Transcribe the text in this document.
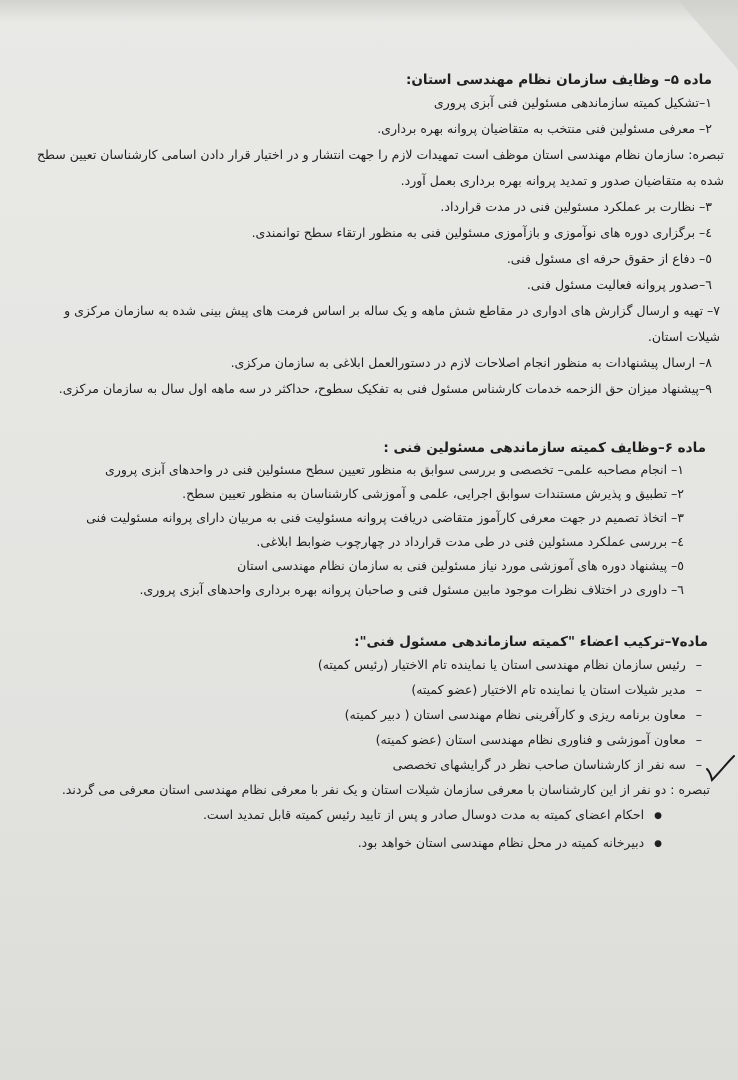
ماده ۵– وظایف سازمان نظام مهندسی استان:
۱–تشکیل کمیته سازماندهی مسئولین فنی آبزی پروری
۲– معرفی مسئولین فنی منتخب به متقاضیان پروانه بهره برداری.
تبصره: سازمان نظام مهندسی استان موظف است تمهیدات لازم را جهت انتشار و در اختیار قرار دادن اسامی کارشناسان تعیین سطح
شده به متقاضیان صدور و تمدید پروانه بهره برداری بعمل آورد.
۳– نظارت بر عملکرد مسئولین فنی در مدت قرارداد.
٤– برگزاری دوره های نوآموزی و بازآموزی مسئولین فنی به منظور ارتقاء سطح توانمندی.
٥– دفاع از حقوق حرفه ای مسئول فنی.
٦–صدور پروانه فعالیت مسئول فنی.
۷– تهیه و ارسال گزارش های ادواری در مقاطع شش ماهه و یک ساله بر اساس فرمت های پیش بینی شده به سازمان مرکزی و
شیلات استان.
۸– ارسال پیشنهادات به منظور انجام اصلاحات لازم در دستورالعمل ابلاغی به سازمان مرکزی.
۹–پیشنهاد میزان حق الزحمه خدمات کارشناس مسئول فنی به تفکیک سطوح، حداکثر در سه ماهه اول سال به سازمان مرکزی.
ماده ۶–وظایف کمیته سازماندهی مسئولین فنی :
۱– انجام مصاحبه علمی– تخصصی و بررسی سوابق به منظور تعیین سطح مسئولین فنی در واحدهای آبزی پروری
۲– تطبیق و پذیرش مستندات سوابق اجرایی، علمی و آموزشی کارشناسان به منظور تعیین سطح.
۳– اتخاذ تصمیم در جهت معرفی کارآموز متقاضی دریافت پروانه مسئولیت فنی به مربیان دارای پروانه مسئولیت فنی
٤– بررسی عملکرد مسئولین فنی در طی مدت قرارداد در چهارچوب ضوابط ابلاغی.
٥– پیشنهاد دوره های آموزشی مورد نیاز مسئولین فنی به سازمان نظام مهندسی استان
٦– داوری در اختلاف نظرات موجود مابین مسئول فنی و صاحبان پروانه بهره برداری واحدهای آبزی پروری.
ماده۷–ترکیب اعضاء "کمیته سازماندهی مسئول فنی":
– رئیس سازمان نظام مهندسی استان یا نماینده تام الاختیار (رئیس کمیته)
– مدیر شیلات استان یا نماینده تام الاختیار (عضو کمیته)
– معاون برنامه ریزی و کارآفرینی نظام مهندسی استان ( دبیر کمیته)
– معاون آموزشی و فناوری نظام مهندسی استان (عضو کمیته)
– سه نفر از کارشناسان صاحب نظر در گرایشهای تخصصی
تبصره : دو نفر از این کارشناسان با معرفی سازمان شیلات استان و یک نفر با معرفی نظام مهندسی استان معرفی می گردند.
● احکام اعضای کمیته به مدت دوسال صادر و پس از تایید رئیس کمیته قابل تمدید است.
● دبیرخانه کمیته در محل نظام مهندسی استان خواهد بود.
